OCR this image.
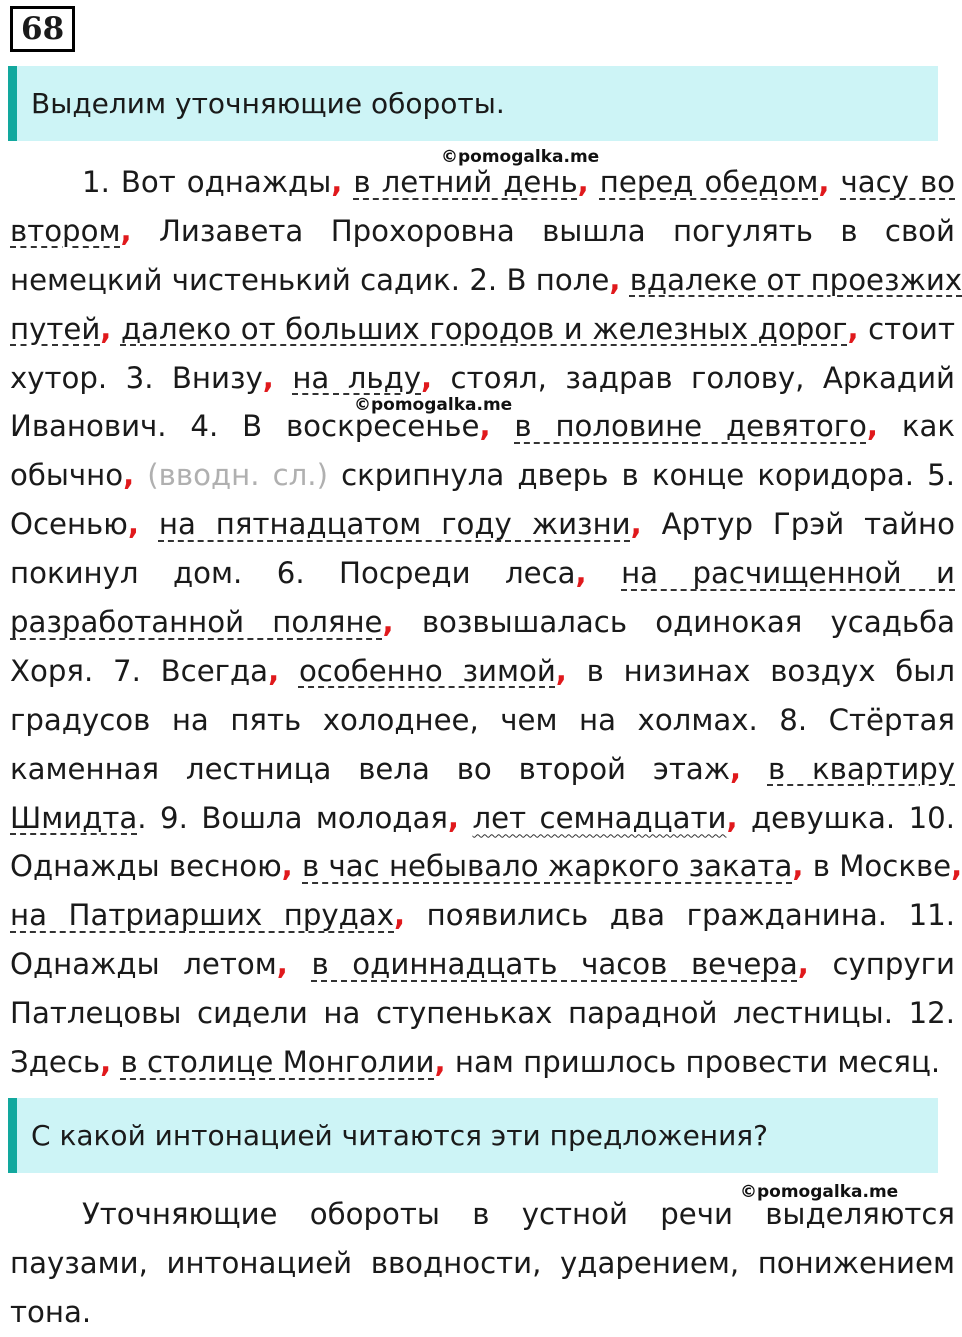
68
Выделим уточняющие обороты.
©pomogalka.me
©pomogalka.me
1. Вот однажды, в летний день, перед обедом, часу во
втором, Лизавета Прохоровна вышла погулять в свой
немецкий чистенький садик. 2. В поле, вдалеке от проезжих
путей, далеко от больших городов и железных дорог, стоит
хутор. 3. Внизу, на льду, стоял, задрав голову, Аркадий
Иванович. 4. В воскресенье, в половине девятого, как
обычно, (вводн. сл.) скрипнула дверь в конце коридора. 5.
Осенью, на пятнадцатом году жизни, Артур Грэй тайно
покинул дом. 6. Посреди леса, на расчищенной и
разработанной поляне, возвышалась одинокая усадьба
Хоря. 7. Всегда, особенно зимой, в низинах воздух был
градусов на пять холоднее, чем на холмах. 8. Стёртая
каменная лестница вела во второй этаж, в квартиру
Шмидта. 9. Вошла молодая, лет семнадцати, девушка. 10.
Однажды весною, в час небывало жаркого заката, в Москве,
на Патриарших прудах, появились два гражданина. 11.
Однажды летом, в одиннадцать часов вечера, супруги
Патлецовы сидели на ступеньках парадной лестницы. 12.
Здесь, в столице Монголии, нам пришлось провести месяц.
С какой интонацией читаются эти предложения?
©pomogalka.me
Уточняющие обороты в устной речи выделяются
паузами, интонацией вводности, ударением, понижением
тона.
